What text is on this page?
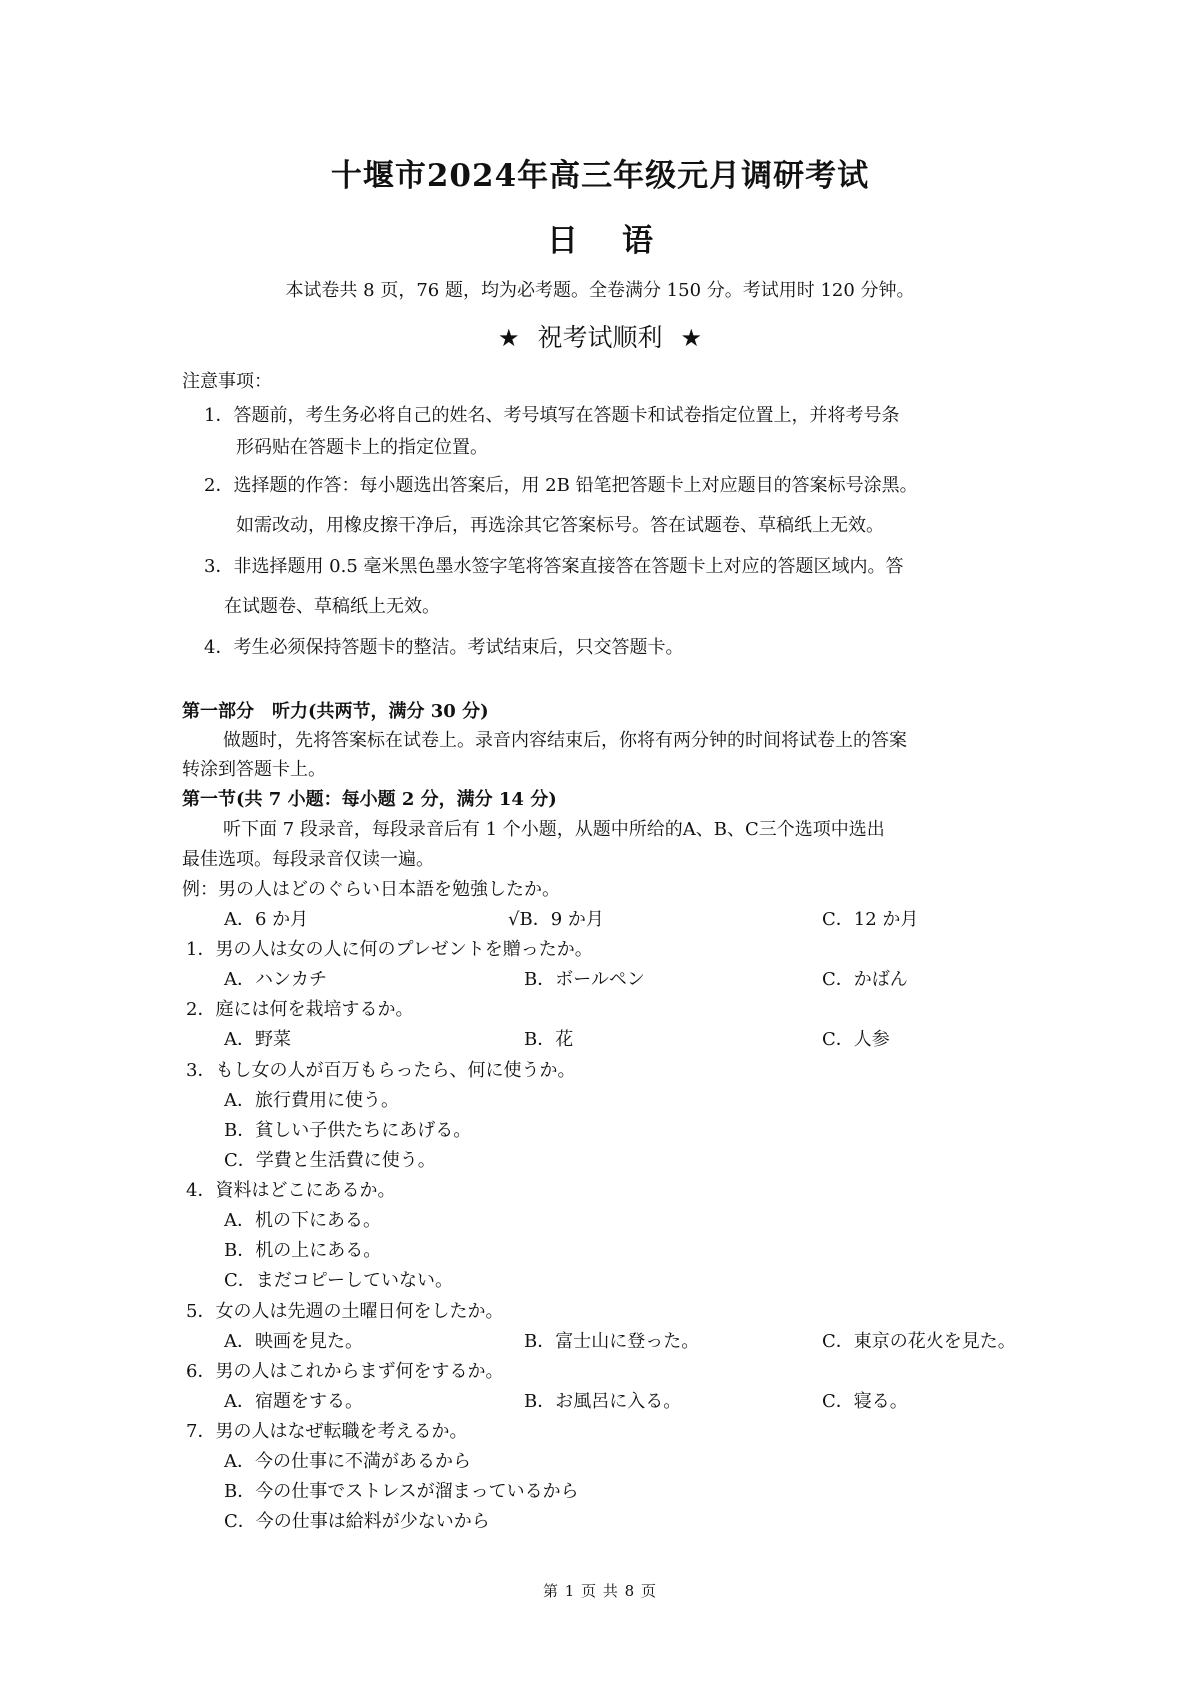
十堰市2024年高三年级元月调研考试
日语
本试卷共 8 页，76 题，均为必考题。全卷满分 150 分。考试用时 120 分钟。
★ 祝考试顺利 ★
注意事项：
1．答题前，考生务必将自己的姓名、考号填写在答题卡和试卷指定位置上，并将考号条
形码贴在答题卡上的指定位置。
2．选择题的作答：每小题选出答案后，用 2B 铅笔把答题卡上对应题目的答案标号涂黑。
如需改动，用橡皮擦干净后，再选涂其它答案标号。答在试题卷、草稿纸上无效。
3．非选择题用 0.5 毫米黑色墨水签字笔将答案直接答在答题卡上对应的答题区域内。答
在试题卷、草稿纸上无效。
4．考生必须保持答题卡的整洁。考试结束后，只交答题卡。
第一部分　听力(共两节，满分 30 分)
做题时，先将答案标在试卷上。录音内容结束后，你将有两分钟的时间将试卷上的答案
转涂到答题卡上。
第一节(共 7 小题：每小题 2 分，满分 14 分)
听下面 7 段录音，每段录音后有 1 个小题，从题中所给的A、B、C三个选项中选出
最佳选项。每段录音仅读一遍。
例：男の人はどのぐらい日本語を勉強したか。
A．6 か月	√B．9 か月	C．12 か月
1．男の人は女の人に何のプレゼントを贈ったか。
A．ハンカチ	B．ボールペン	C．かばん
2．庭には何を栽培するか。
A．野菜	B．花	C．人参
3．もし女の人が百万もらったら、何に使うか。
A．旅行費用に使う。
B．貧しい子供たちにあげる。
C．学費と生活費に使う。
4．資料はどこにあるか。
A．机の下にある。
B．机の上にある。
C．まだコピーしていない。
5．女の人は先週の土曜日何をしたか。
A．映画を見た。	B．富士山に登った。	C．東京の花火を見た。
6．男の人はこれからまず何をするか。
A．宿題をする。	B．お風呂に入る。	C．寝る。
7．男の人はなぜ転職を考えるか。
A．今の仕事に不満があるから
B．今の仕事でストレスが溜まっているから
C．今の仕事は給料が少ないから
第 1 页 共 8 页
